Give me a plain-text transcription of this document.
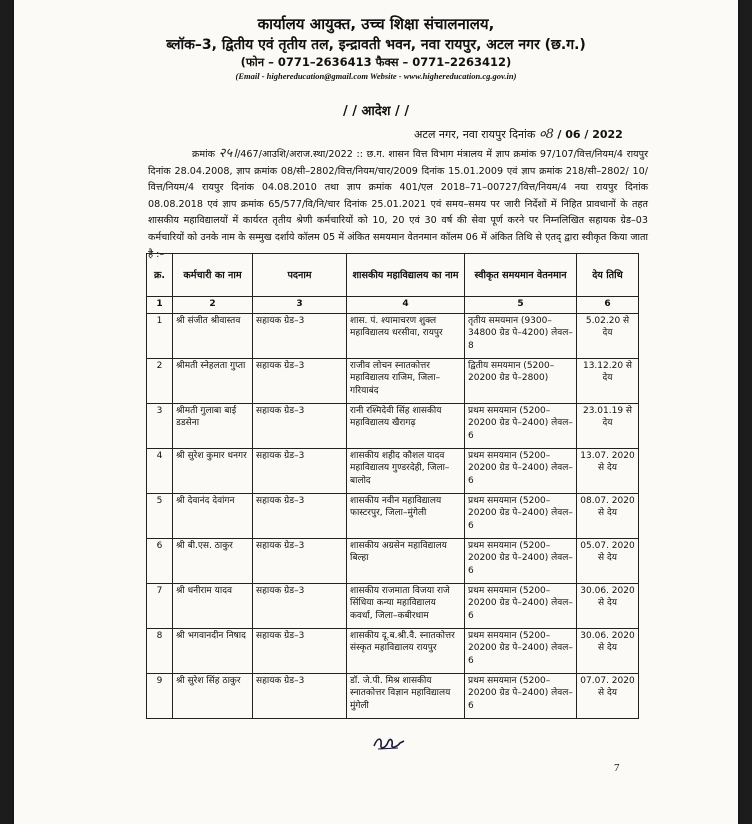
कार्यालय आयुक्त, उच्च शिक्षा संचालनालय,
ब्लॉक–3, द्वितीय एवं तृतीय तल, इन्द्रावती भवन, नवा रायपुर, अटल नगर (छ.ग.)
(फोन – 0771–2636413 फैक्स – 0771–2263412)
(Email - highereducation@gmail.com Website - www.highereducation.cg.gov.in)
/ / आदेश / /
अटल नगर, नवा रायपुर दिनांक ०8 / 06 / 2022
क्रमांक २५।/467/आउशि/अराज.स्था/2022 :: छ.ग. शासन वित्त विभाग मंत्रालय में ज्ञाप क्रमांक 97/107/वित्त/नियम/4 रायपुर दिनांक 28.04.2008, ज्ञाप क्रमांक 08/सी–2802/वित्त/नियम/चार/2009 दिनांक 15.01.2009 एवं ज्ञाप क्रमांक 218/सी–2802/ 10/वित्त/नियम/4 रायपुर दिनांक 04.08.2010 तथा ज्ञाप क्रमांक 401/एल 2018–71–00727/वित्त/नियम/4 नया रायपुर दिनांक 08.08.2018 एवं ज्ञाप क्रमांक 65/577/वि/नि/चार दिनांक 25.01.2021 एवं समय–समय पर जारी निर्देशों में निहित प्रावधानों के तहत शासकीय महाविद्यालयों में कार्यरत तृतीय श्रेणी कर्मचारियों को 10, 20 एवं 30 वर्ष की सेवा पूर्ण करने पर निम्नलिखित सहायक ग्रेड–03 कर्मचारियों को उनके नाम के सम्मुख दर्शाये कॉलम 05 में अंकित समयमान वेतनमान कॉलम 06 में अंकित तिथि से एतद् द्वारा स्वीकृत किया जाता है :–
क्र.	कर्मचारी का नाम	पदनाम	शासकीय महाविद्यालय का नाम	स्वीकृत समयमान वेतनमान	देय तिथि
1	2	3	4	5	6
1	श्री संजीत श्रीवास्तव	सहायक ग्रेड–3	शास. पं. श्यामाचरण शुक्ल महाविद्यालय धरसीवा, रायपुर	तृतीय समयमान (9300–34800 ग्रेड पे–4200) लेवल–8	5.02.20 से देय
2	श्रीमती स्नेहलता गुप्ता	सहायक ग्रेड–3	राजीव लोचन स्नातकोत्तर महाविद्यालय राजिम, जिला–गरियाबंद	द्वितीय समयमान (5200–20200 ग्रेड पे–2800)	13.12.20 से देय
3	श्रीमती गुलाबा बाई डडसेना	सहायक ग्रेड–3	रानी रश्मिदेवी सिंह शासकीय महाविद्यालय खैरागढ़	प्रथम समयमान (5200–20200 ग्रेड पे–2400) लेवल–6	23.01.19 से देय
4	श्री सुरेश कुमार धनगर	सहायक ग्रेड–3	शासकीय शहीद कौशल यादव महाविद्यालय गुण्डरदेही, जिला–बालोद	प्रथम समयमान (5200–20200 ग्रेड पे–2400) लेवल–6	13.07. 2020 से देय
5	श्री देवानंद देवांगन	सहायक ग्रेड–3	शासकीय नवीन महाविद्यालय फास्टरपुर, जिला–मुंगेली	प्रथम समयमान (5200–20200 ग्रेड पे–2400) लेवल–6	08.07. 2020 से देय
6	श्री बी.एस. ठाकुर	सहायक ग्रेड–3	शासकीय अग्रसेन महाविद्यालय बिल्हा	प्रथम समयमान (5200–20200 ग्रेड पे–2400) लेवल–6	05.07. 2020 से देय
7	श्री धनीराम यादव	सहायक ग्रेड–3	शासकीय राजमाता विजया राजे सिंधिया कन्या महाविद्यालय कवर्धा, जिला–कबीरधाम	प्रथम समयमान (5200–20200 ग्रेड पे–2400) लेवल–6	30.06. 2020 से देय
8	श्री भगवानदीन निषाद	सहायक ग्रेड–3	शासकीय दू.ब.श्री.वै. स्नातकोत्तर संस्कृत महाविद्यालय रायपुर	प्रथम समयमान (5200–20200 ग्रेड पे–2400) लेवल–6	30.06. 2020 से देय
9	श्री सुरेश सिंह ठाकुर	सहायक ग्रेड–3	डॉ. जे.पी. मिश्र शासकीय स्नातकोत्तर विज्ञान महाविद्यालय मुंगेली	प्रथम समयमान (5200–20200 ग्रेड पे–2400) लेवल–6	07.07. 2020 से देय
7
